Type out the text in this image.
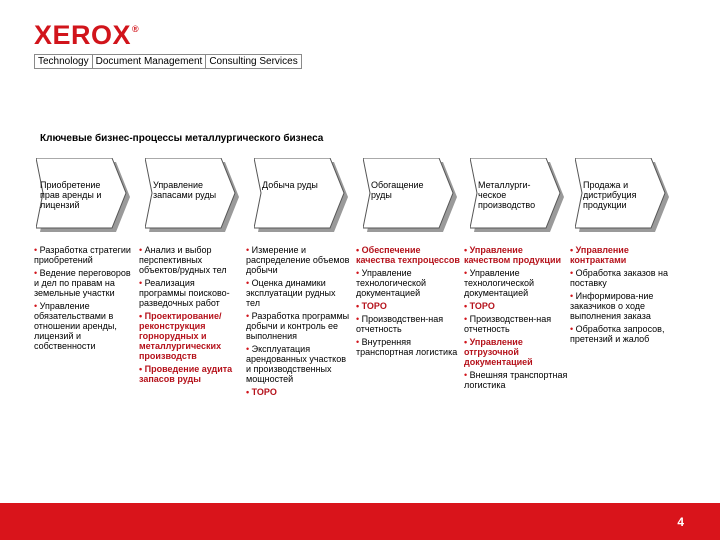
XEROX®
Technology Document Management Consulting Services
Ключевые бизнес-процессы металлургического бизнеса
Приобретение прав аренды и лицензий
Управление запасами руды
Добыча руды	Обогащение руды
Металлурги-ческое производство
Продажа и дистрибуция продукции
• Разработка стратегии приобретений
• Ведение переговоров и дел по правам на земельные участки
• Управление обязательствами в отношении аренды, лицензий и собственности
• Анализ и выбор перспективных объектов/рудных тел
• Реализация программы поисково-разведочных работ
• Проектирование/ реконструкция горнорудных и металлургических производств
• Проведение аудита запасов руды
• Измерение и распределение объемов добычи
• Оценка динамики эксплуатации рудных тел
• Разработка программы добычи и контроль ее выполнения
• Эксплуатация арендованных участков и производственных мощностей
• ТОРО
• Обеспечение качества техпроцессов
• Управление технологической документацией
• ТОРО
• Производствен-ная отчетность
• Внутренняя транспортная логистика
• Управление качеством продукции
• Управление технологической документацией
• ТОРО
• Производствен-ная отчетность
• Управление отгрузочной документацией
• Внешняя транспортная логистика
• Управление контрактами
• Обработка заказов на поставку
• Информирова-ние заказчиков о ходе выполнения заказа
• Обработка запросов, претензий и жалоб
4
